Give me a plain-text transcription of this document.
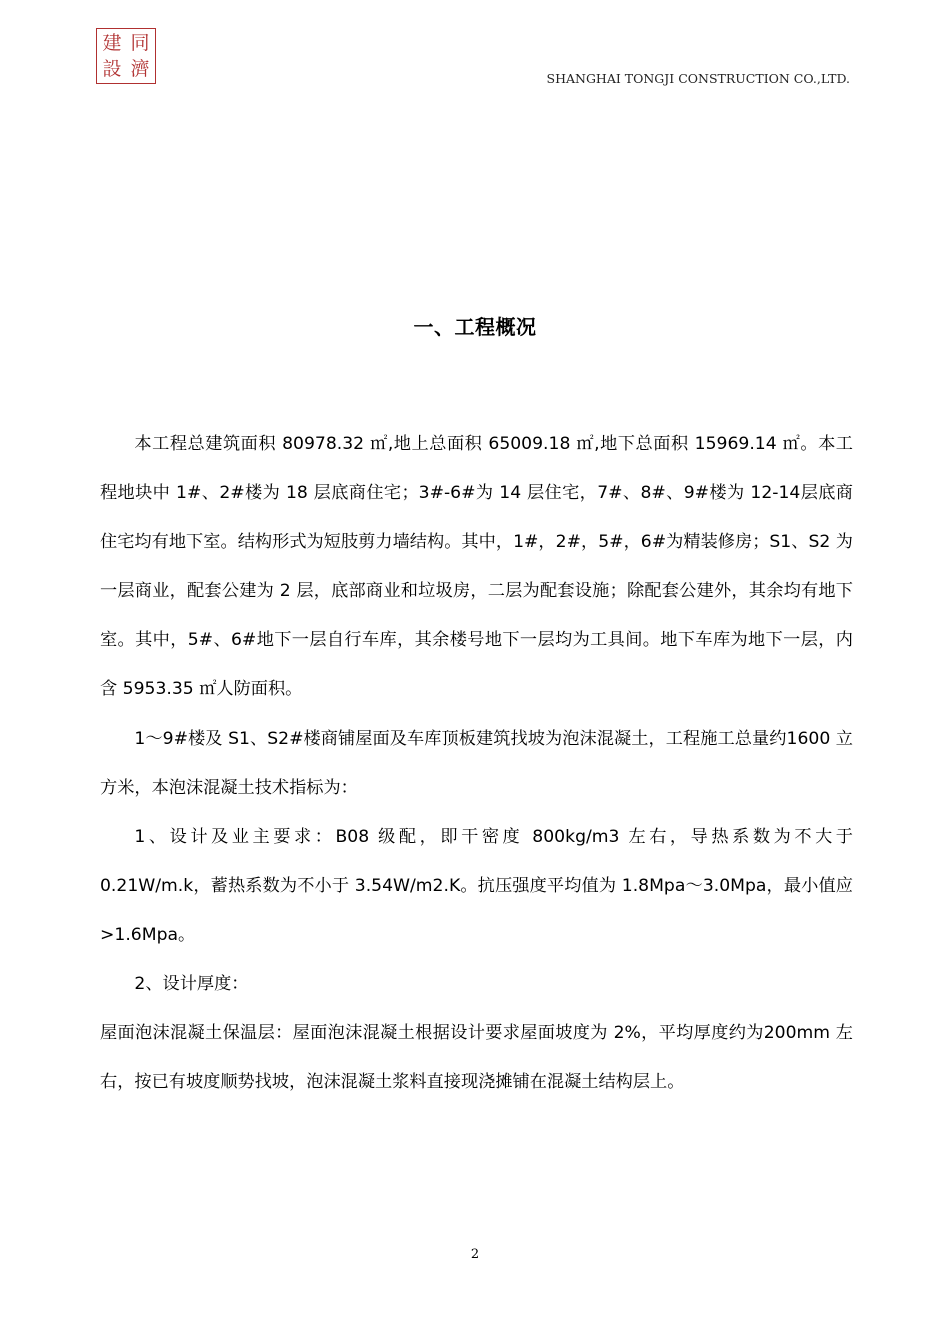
同
濟
建
設	SHANGHAI TONGJI CONSTRUCTION CO.,LTD.
一、工程概况

本工程总建筑面积 80978.32 ㎡,地上总面积 65009.18 ㎡,地下总面积 15969.14 ㎡。本工程地块中 1#、2#楼为 18 层底商住宅；3#-6#为 14 层住宅，7#、8#、9#楼为 12-14层底商住宅均有地下室。结构形式为短肢剪力墙结构。其中，1#，2#，5#，6#为精装修房；S1、S2 为一层商业，配套公建为 2 层，底部商业和垃圾房，二层为配套设施；除配套公建外，其余均有地下室。其中，5#、6#地下一层自行车库，其余楼号地下一层均为工具间。地下车库为地下一层，内含 5953.35 ㎡人防面积。

1～9#楼及 S1、S2#楼商铺屋面及车库顶板建筑找坡为泡沫混凝土，工程施工总量约1600 立方米，本泡沫混凝土技术指标为：

1、设计及业主要求：B08 级配，即干密度 800kg/m3 左右，导热系数为不大于0.21W/m.k，蓄热系数为不小于 3.54W/m2.K。抗压强度平均值为 1.8Mpa～3.0Mpa，最小值应>1.6Mpa。

2、设计厚度：

屋面泡沫混凝土保温层：屋面泡沫混凝土根据设计要求屋面坡度为 2%，平均厚度约为200mm 左右，按已有坡度顺势找坡，泡沫混凝土浆料直接现浇摊铺在混凝土结构层上。

2
